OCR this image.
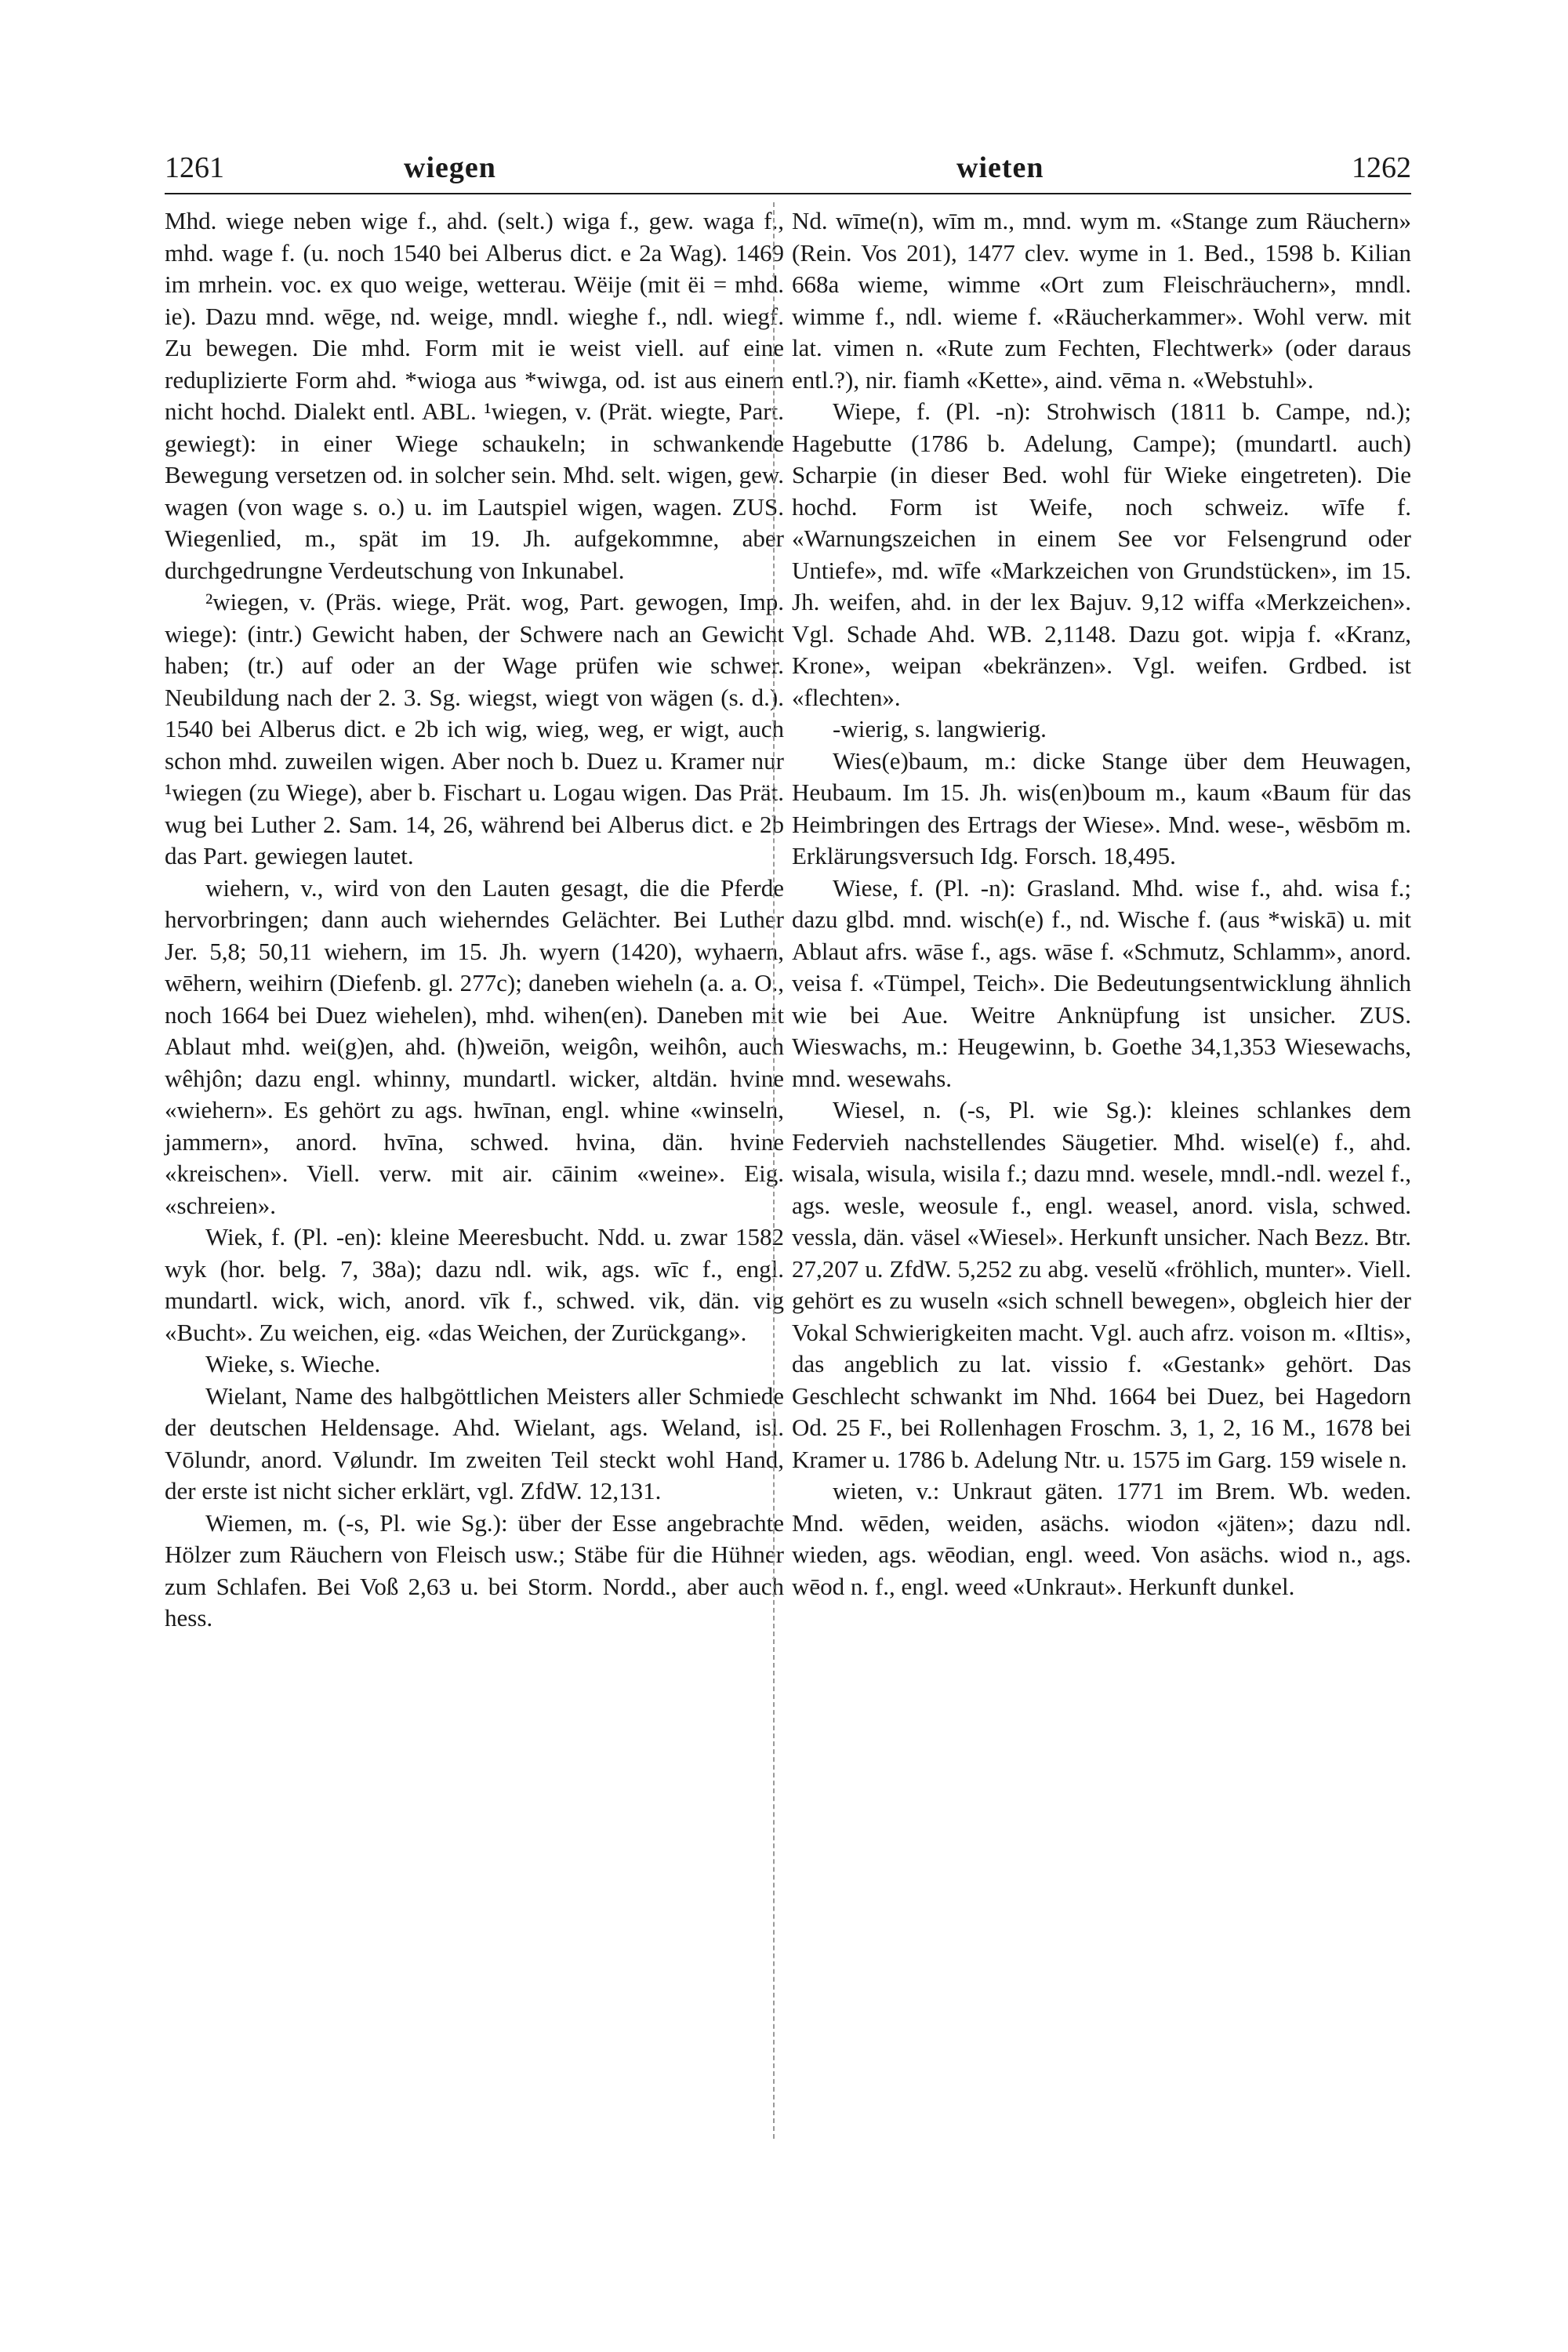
1261	wiegen	wieten	1262

Mhd. wiege neben wige f., ahd. (selt.) wiga f., gew. waga f., mhd. wage f. (u. noch 1540 bei Alberus dict. e 2a Wag). 1469 im mrhein. voc. ex quo weige, wetterau. Wëije (mit ëi = mhd. ie). Dazu mnd. wēge, nd. weige, mndl. wieghe f., ndl. wiegf. Zu bewegen. Die mhd. Form mit ie weist viell. auf eine reduplizierte Form ahd. *wioga aus *wiwga, od. ist aus einem nicht hochd. Dialekt entl. ABL. ¹wiegen, v. (Prät. wiegte, Part. gewiegt): in einer Wiege schaukeln; in schwankende Bewegung versetzen od. in solcher sein. Mhd. selt. wigen, gew. wagen (von wage s. o.) u. im Lautspiel wigen, wagen. ZUS. Wiegenlied, m., spät im 19. Jh. aufgekommne, aber durchgedrungne Verdeutschung von Inkunabel.

²wiegen, v. (Präs. wiege, Prät. wog, Part. gewogen, Imp. wiege): (intr.) Gewicht haben, der Schwere nach an Gewicht haben; (tr.) auf oder an der Wage prüfen wie schwer. Neubildung nach der 2. 3. Sg. wiegst, wiegt von wägen (s. d.). 1540 bei Alberus dict. e 2b ich wig, wieg, weg, er wigt, auch schon mhd. zuweilen wigen. Aber noch b. Duez u. Kramer nur ¹wiegen (zu Wiege), aber b. Fischart u. Logau wigen. Das Prät. wug bei Luther 2. Sam. 14, 26, während bei Alberus dict. e 2b das Part. gewiegen lautet.

wiehern, v., wird von den Lauten gesagt, die die Pferde hervorbringen; dann auch wieherndes Gelächter. Bei Luther Jer. 5,8; 50,11 wiehern, im 15. Jh. wyern (1420), wyhaern, wēhern, weihirn (Diefenb. gl. 277c); daneben wieheln (a. a. O., noch 1664 bei Duez wiehelen), mhd. wihen(en). Daneben mit Ablaut mhd. wei(g)en, ahd. (h)weiōn, weigôn, weihôn, auch wêhjôn; dazu engl. whinny, mundartl. wicker, altdän. hvine «wiehern». Es gehört zu ags. hwīnan, engl. whine «winseln, jammern», anord. hvīna, schwed. hvina, dän. hvine «kreischen». Viell. verw. mit air. cāinim «weine». Eig. «schreien».

Wiek, f. (Pl. -en): kleine Meeresbucht. Ndd. u. zwar 1582 wyk (hor. belg. 7, 38a); dazu ndl. wik, ags. wīc f., engl. mundartl. wick, wich, anord. vīk f., schwed. vik, dän. vig «Bucht». Zu weichen, eig. «das Weichen, der Zurückgang».

Wieke, s. Wieche.

Wielant, Name des halbgöttlichen Meisters aller Schmiede der deutschen Heldensage. Ahd. Wielant, ags. Weland, isl. Vōlundr, anord. Vølundr. Im zweiten Teil steckt wohl Hand, der erste ist nicht sicher erklärt, vgl. ZfdW. 12,131.

Wiemen, m. (-s, Pl. wie Sg.): über der Esse angebrachte Hölzer zum Räuchern von Fleisch usw.; Stäbe für die Hühner zum Schlafen. Bei Voß 2,63 u. bei Storm. Nordd., aber auch hess.

Nd. wīme(n), wīm m., mnd. wym m. «Stange zum Räuchern» (Rein. Vos 201), 1477 clev. wyme in 1. Bed., 1598 b. Kilian 668a wieme, wimme «Ort zum Fleischräuchern», mndl. wimme f., ndl. wieme f. «Räucherkammer». Wohl verw. mit lat. vimen n. «Rute zum Fechten, Flechtwerk» (oder daraus entl.?), nir. fiamh «Kette», aind. vēma n. «Webstuhl».

Wiepe, f. (Pl. -n): Strohwisch (1811 b. Campe, nd.); Hagebutte (1786 b. Adelung, Campe); (mundartl. auch) Scharpie (in dieser Bed. wohl für Wieke eingetreten). Die hochd. Form ist Weife, noch schweiz. wīfe f. «Warnungszeichen in einem See vor Felsengrund oder Untiefe», md. wīfe «Markzeichen von Grundstücken», im 15. Jh. weifen, ahd. in der lex Bajuv. 9,12 wiffa «Merkzeichen». Vgl. Schade Ahd. WB. 2,1148. Dazu got. wipja f. «Kranz, Krone», weipan «bekränzen». Vgl. weifen. Grdbed. ist «flechten».

-wierig, s. langwierig.

Wies(e)baum, m.: dicke Stange über dem Heuwagen, Heubaum. Im 15. Jh. wis(en)boum m., kaum «Baum für das Heimbringen des Ertrags der Wiese». Mnd. wese-, wēsbōm m. Erklärungsversuch Idg. Forsch. 18,495.

Wiese, f. (Pl. -n): Grasland. Mhd. wise f., ahd. wisa f.; dazu glbd. mnd. wisch(e) f., nd. Wische f. (aus *wiskā) u. mit Ablaut afrs. wāse f., ags. wāse f. «Schmutz, Schlamm», anord. veisa f. «Tümpel, Teich». Die Bedeutungsentwicklung ähnlich wie bei Aue. Weitre Anknüpfung ist unsicher. ZUS. Wieswachs, m.: Heugewinn, b. Goethe 34,1,353 Wiesewachs, mnd. wesewahs.

Wiesel, n. (-s, Pl. wie Sg.): kleines schlankes dem Federvieh nachstellendes Säugetier. Mhd. wisel(e) f., ahd. wisala, wisula, wisila f.; dazu mnd. wesele, mndl.-ndl. wezel f., ags. wesle, weosule f., engl. weasel, anord. visla, schwed. vessla, dän. väsel «Wiesel». Herkunft unsicher. Nach Bezz. Btr. 27,207 u. ZfdW. 5,252 zu abg. veselŭ «fröhlich, munter». Viell. gehört es zu wuseln «sich schnell bewegen», obgleich hier der Vokal Schwierigkeiten macht. Vgl. auch afrz. voison m. «Iltis», das angeblich zu lat. vissio f. «Gestank» gehört. Das Geschlecht schwankt im Nhd. 1664 bei Duez, bei Hagedorn Od. 25 F., bei Rollenhagen Froschm. 3, 1, 2, 16 M., 1678 bei Kramer u. 1786 b. Adelung Ntr. u. 1575 im Garg. 159 wisele n.

wieten, v.: Unkraut gäten. 1771 im Brem. Wb. weden. Mnd. wēden, weiden, asächs. wiodon «jäten»; dazu ndl. wieden, ags. wēodian, engl. weed. Von asächs. wiod n., ags. wēod n. f., engl. weed «Unkraut». Herkunft dunkel.
